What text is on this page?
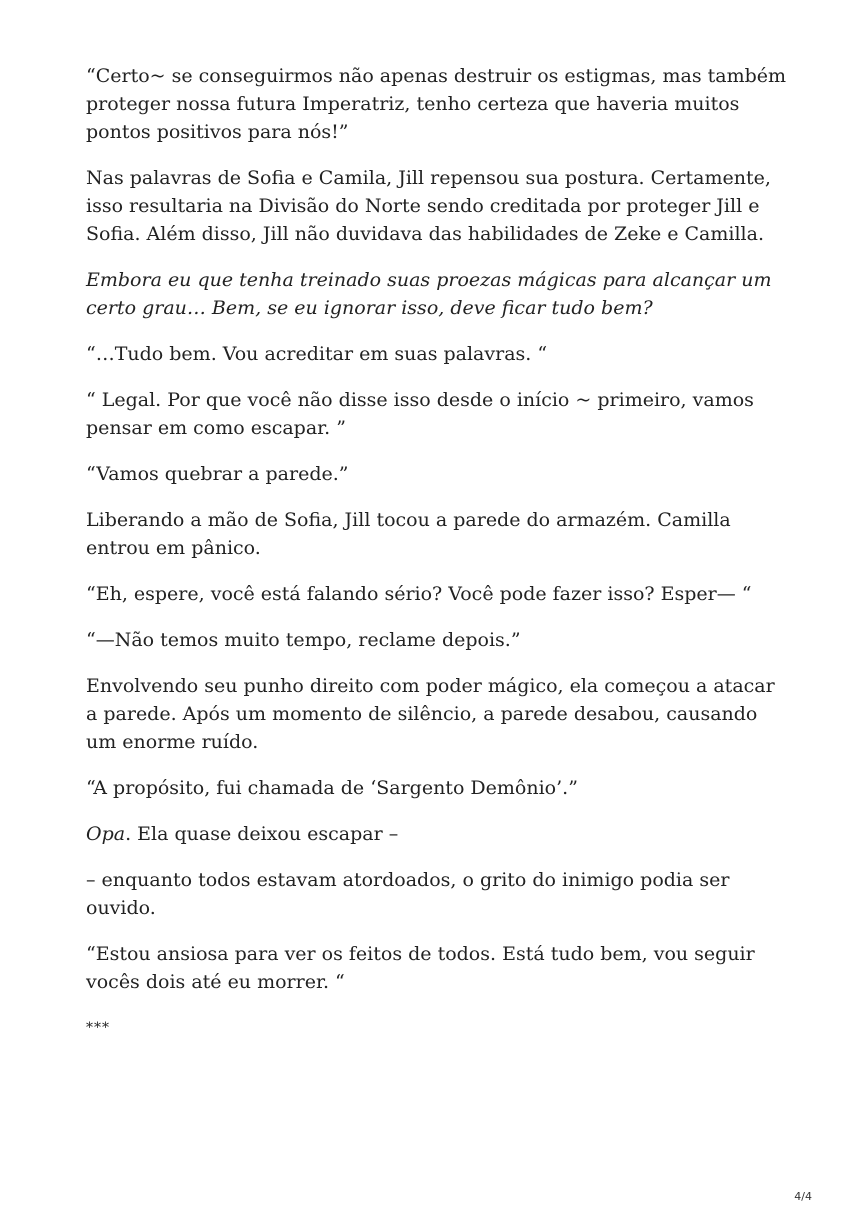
“Certo~ se conseguirmos não apenas destruir os estigmas, mas também proteger nossa futura Imperatriz, tenho certeza que haveria muitos pontos positivos para nós!”

Nas palavras de Sofia e Camila, Jill repensou sua postura. Certamente, isso resultaria na Divisão do Norte sendo creditada por proteger Jill e Sofia. Além disso, Jill não duvidava das habilidades de Zeke e Camilla.

Embora eu que tenha treinado suas proezas mágicas para alcançar um certo grau… Bem, se eu ignorar isso, deve ficar tudo bem?

“…Tudo bem. Vou acreditar em suas palavras. “

“ Legal. Por que você não disse isso desde o início ~ primeiro, vamos pensar em como escapar. ”

“Vamos quebrar a parede.”

Liberando a mão de Sofia, Jill tocou a parede do armazém. Camilla entrou em pânico.

“Eh, espere, você está falando sério? Você pode fazer isso? Esper— “

“—Não temos muito tempo, reclame depois.”

Envolvendo seu punho direito com poder mágico, ela começou a atacar a parede. Após um momento de silêncio, a parede desabou, causando um enorme ruído.

“A propósito, fui chamada de ‘Sargento Demônio’.”

Opa. Ela quase deixou escapar –

– enquanto todos estavam atordoados, o grito do inimigo podia ser ouvido.

“Estou ansiosa para ver os feitos de todos. Está tudo bem, vou seguir vocês dois até eu morrer. “

***

4/4
